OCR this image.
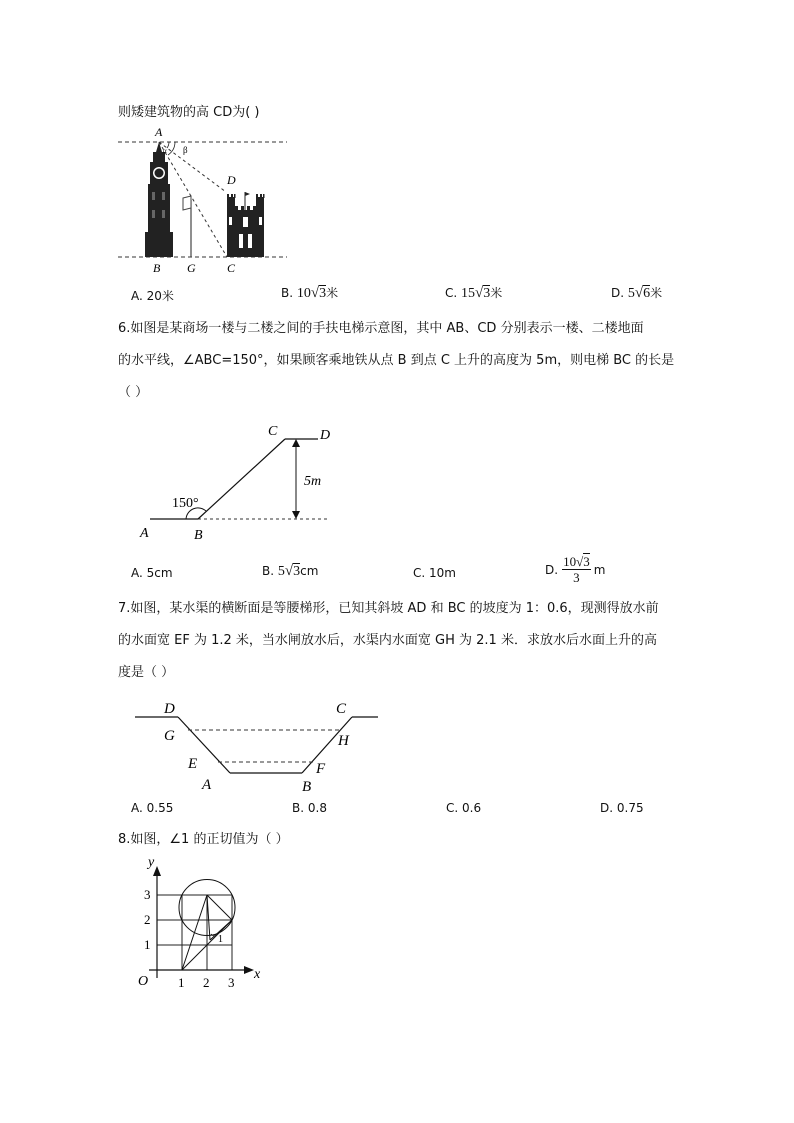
则矮建筑物的高 CD为( )
A
α β
D
B G	C
A. 20米	B. 10√3米	C. 15√3米	D. 5√6米
6.如图是某商场一楼与二楼之间的手扶电梯示意图，其中 AB、CD 分别表示一楼、二楼地面
的水平线，∠ABC=150°，如果顾客乘地铁从点 B 到点 C 上升的高度为 5m，则电梯 BC 的长是
（ ）
150°
5m
A	B
C	D
A. 5cm	B. 5√3cm	C. 10m	D.
10√3
3
m
7.如图，某水渠的横断面是等腰梯形，已知其斜坡 AD 和 BC 的坡度为 1：0.6，现测得放水前
的水面宽 EF 为 1.2 米，当水闸放水后，水渠内水面宽 GH 为 2.1 米．求放水后水面上升的高
度是（ ）
D
G
E
A	B
F
H
C
A. 0.55	B. 0.8	C. 0.6	D. 0.75
8.如图，∠1 的正切值为（ ）
y
x
O 1 2 3
1
2
3
1
